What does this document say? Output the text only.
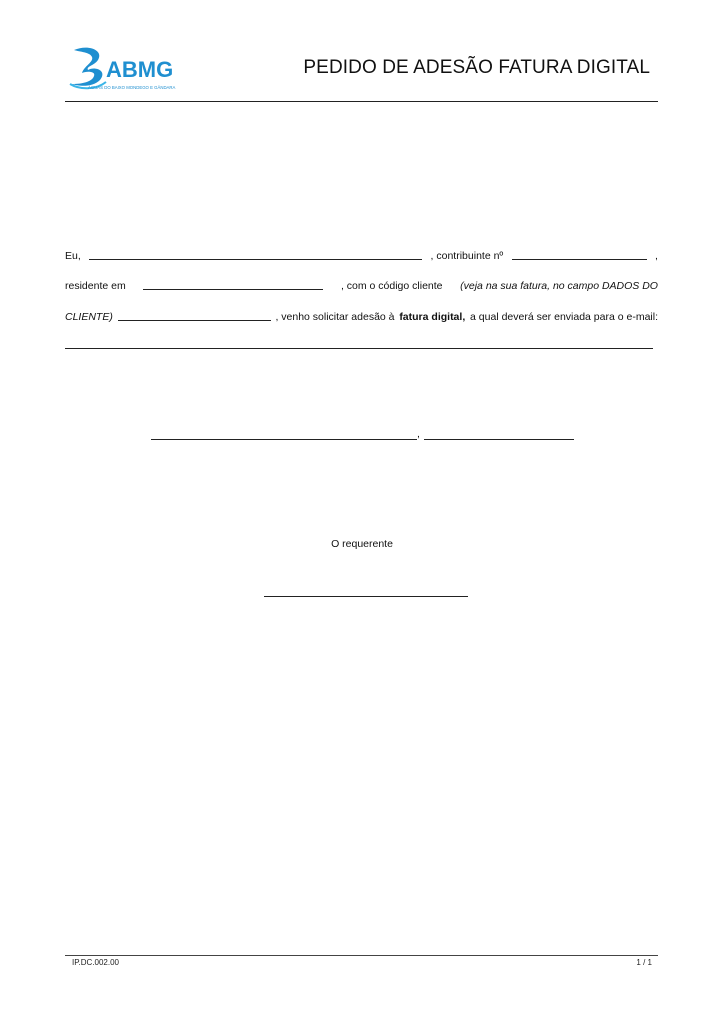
ABMG
ÁGUAS DO BAIXO MONDEGO E GÂNDARA
PEDIDO DE ADESÃO FATURA DIGITAL
Eu,	, contribuinte nº	,
residente em	, com o código cliente (veja na sua fatura, no campo DADOS DO
CLIENTE)	, venho solicitar adesão à fatura digital, a qual deverá ser enviada para o e-mail:
,
O requerente
IP.DC.002.00	1 / 1
